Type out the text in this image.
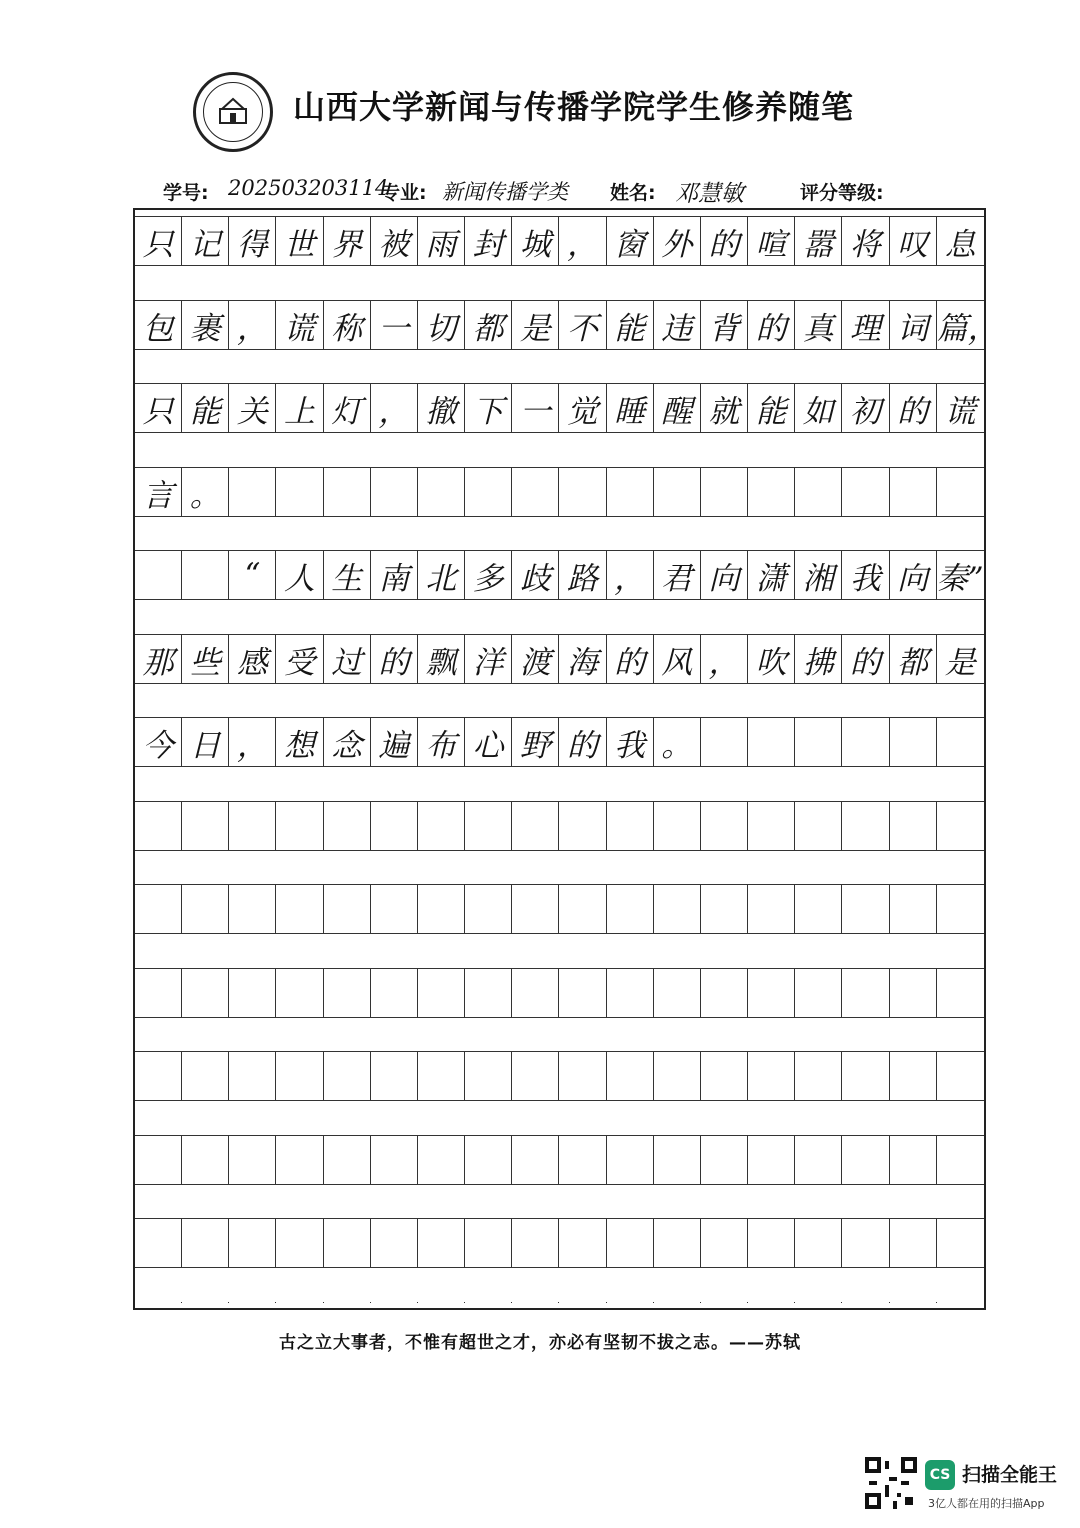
山西大学新闻与传播学院学生修养随笔
学号: 202503203114
专业: 新闻传播学类 姓名: 邓慧敏	评分等级:
只 记 得 世 界 被 雨 封 城 ， 窗 外 的 喧 嚣 将 叹 息
包 裹 ， 谎 称 一 切 都 是 不 能 违 背 的 真 理 词 篇，
只 能 关 上 灯 ， 撤 下 一 觉 睡 醒 就 能 如 初 的 谎
言 。
“ 人 生 南 北 多 歧 路 ， 君 向 潇 湘 我 向 秦”
那 些 感 受 过 的 飘 洋 渡 海 的 风 ， 吹 拂 的 都 是
今 日 ， 想 念 遍 布 心 野 的 我 。
古之立大事者，不惟有超世之才，亦必有坚韧不拔之志。——苏轼
CS 扫描全能王
3亿人都在用的扫描App
